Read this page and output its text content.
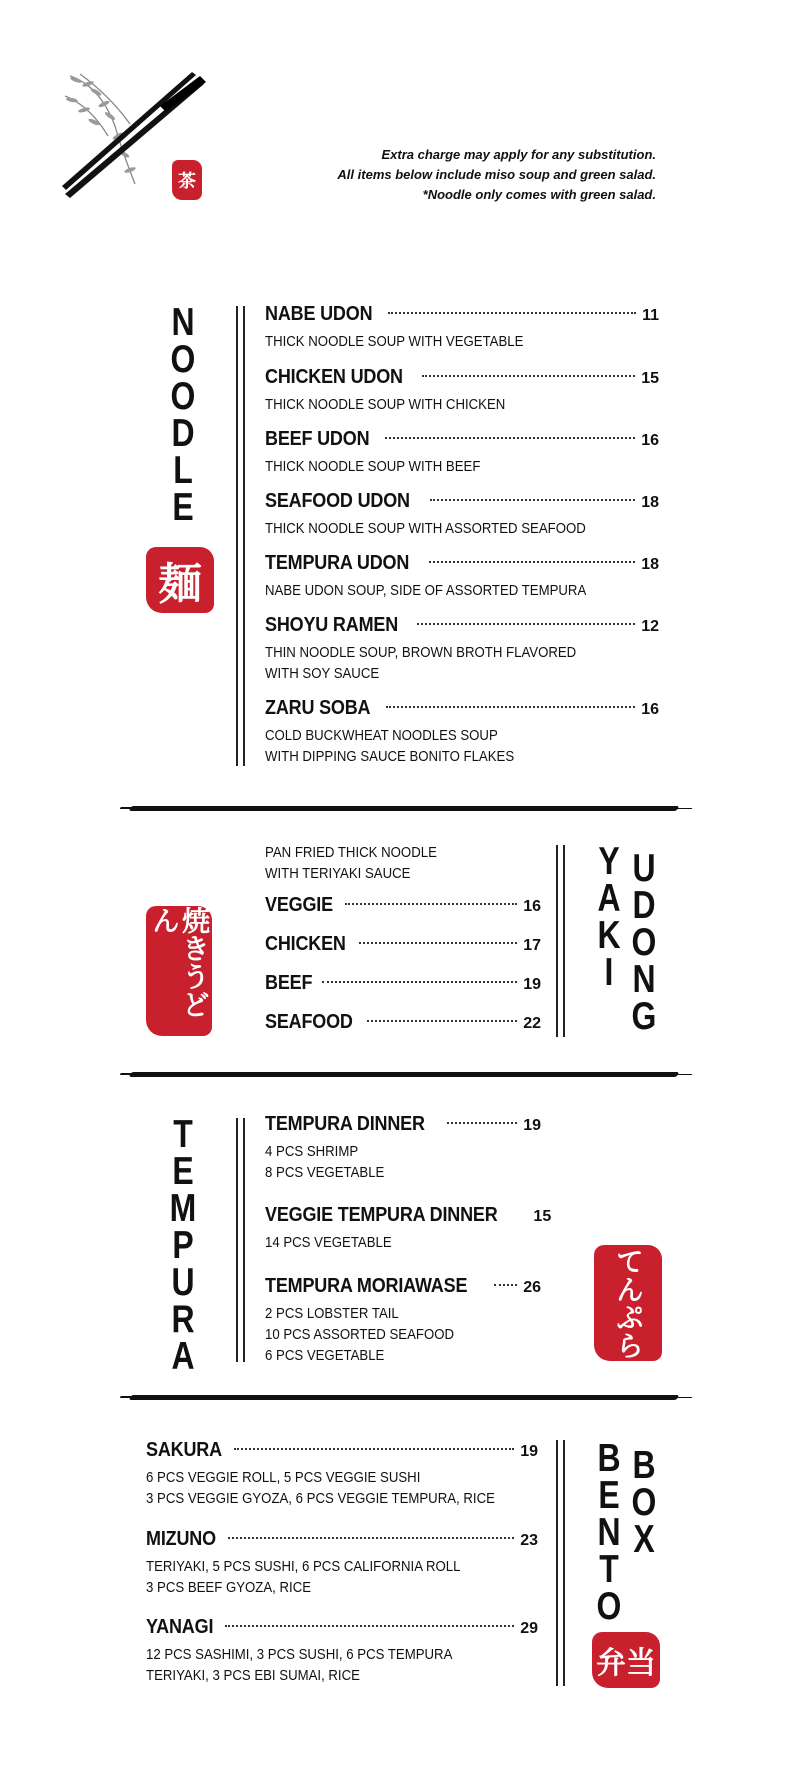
茶
Extra charge may apply for any substitution.
All items below include miso soup and green salad.
*Noodle only comes with green salad.
N
O
O
D
L
E
麺
NABE UDON	11
THICK NOODLE SOUP WITH VEGETABLE
CHICKEN UDON	15
THICK NOODLE SOUP WITH CHICKEN
BEEF UDON	16
THICK NOODLE SOUP WITH BEEF
SEAFOOD UDON	18
THICK NOODLE SOUP WITH ASSORTED SEAFOOD
TEMPURA UDON	18
NABE UDON SOUP, SIDE OF ASSORTED TEMPURA
SHOYU RAMEN	12
THIN NOODLE SOUP, BROWN BROTH FLAVORED
WITH SOY SAUCE
ZARU SOBA	16
COLD BUCKWHEAT NOODLES SOUP
WITH DIPPING SAUCE BONITO FLAKES
焼きうどん
PAN FRIED THICK NOODLE
WITH TERIYAKI SAUCE
VEGGIE	16
CHICKEN	17
BEEF	19
SEAFOOD	22
Y
A
K
I
U
D
O
N
G
T
E
M
P
U
R
A
TEMPURA DINNER	19
4 PCS SHRIMP
8 PCS VEGETABLE
VEGGIE TEMPURA DINNER 15
14 PCS VEGETABLE
TEMPURA MORIAWASE	26
2 PCS LOBSTER TAIL
10 PCS ASSORTED SEAFOOD
6 PCS VEGETABLE	てんぷら
SAKURA	19
6 PCS VEGGIE ROLL, 5 PCS VEGGIE SUSHI
3 PCS VEGGIE GYOZA, 6 PCS VEGGIE TEMPURA, RICE
MIZUNO	23
TERIYAKI, 5 PCS SUSHI, 6 PCS CALIFORNIA ROLL
3 PCS BEEF GYOZA, RICE
YANAGI	29
12 PCS SASHIMI, 3 PCS SUSHI, 6 PCS TEMPURA
TERIYAKI, 3 PCS EBI SUMAI, RICE
B
E
N
T
O
B
O
X
弁当
